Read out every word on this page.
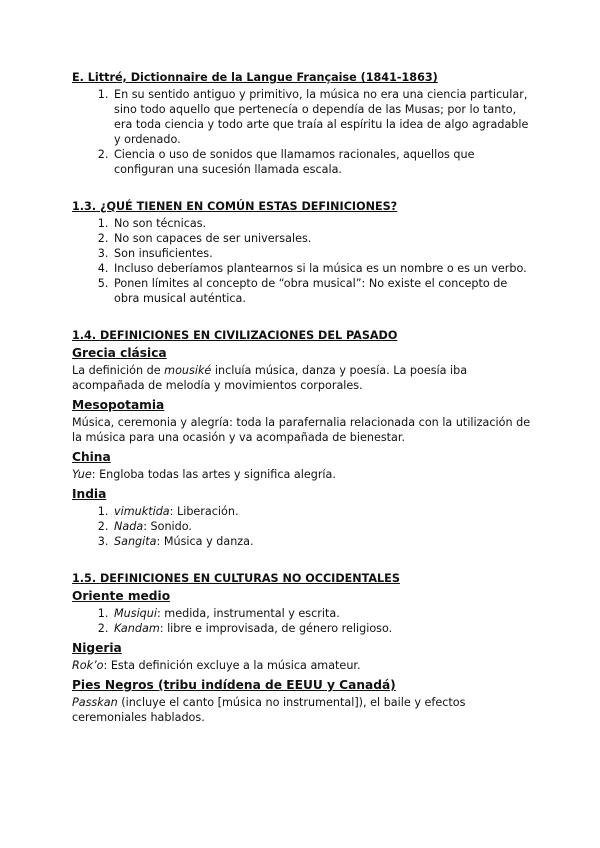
E. Littré, Dictionnaire de la Langue Française (1841-1863)
1. En su sentido antiguo y primitivo, la música no era una ciencia particular, sino todo aquello que pertenecía o dependía de las Musas; por lo tanto, era toda ciencia y todo arte que traía al espíritu la idea de algo agradable y ordenado.
2. Ciencia o uso de sonidos que llamamos racionales, aquellos que configuran una sucesión llamada escala.
1.3. ¿QUÉ TIENEN EN COMÚN ESTAS DEFINICIONES?
1. No son técnicas.
2. No son capaces de ser universales.
3. Son insuficientes.
4. Incluso deberíamos plantearnos si la música es un nombre o es un verbo.
5. Ponen límites al concepto de “obra musical”: No existe el concepto de obra musical auténtica.
1.4. DEFINICIONES EN CIVILIZACIONES DEL PASADO
Grecia clásica

La definición de mousiké incluía música, danza y poesía. La poesía iba acompañada de melodía y movimientos corporales.

Mesopotamia

Música, ceremonia y alegría: toda la parafernalia relacionada con la utilización de la música para una ocasión y va acompañada de bienestar.

China

Yue: Engloba todas las artes y significa alegría.

India
1. vimuktida: Liberación.
2. Nada: Sonido.
3. Sangita: Música y danza.
1.5. DEFINICIONES EN CULTURAS NO OCCIDENTALES
Oriente medio
1. Musiqui: medida, instrumental y escrita.
2. Kandam: libre e improvisada, de género religioso.
Nigeria

Rok’o: Esta definición excluye a la música amateur.

Pies Negros (tribu indídena de EEUU y Canadá)

Passkan (incluye el canto [música no instrumental]), el baile y efectos ceremoniales hablados.
